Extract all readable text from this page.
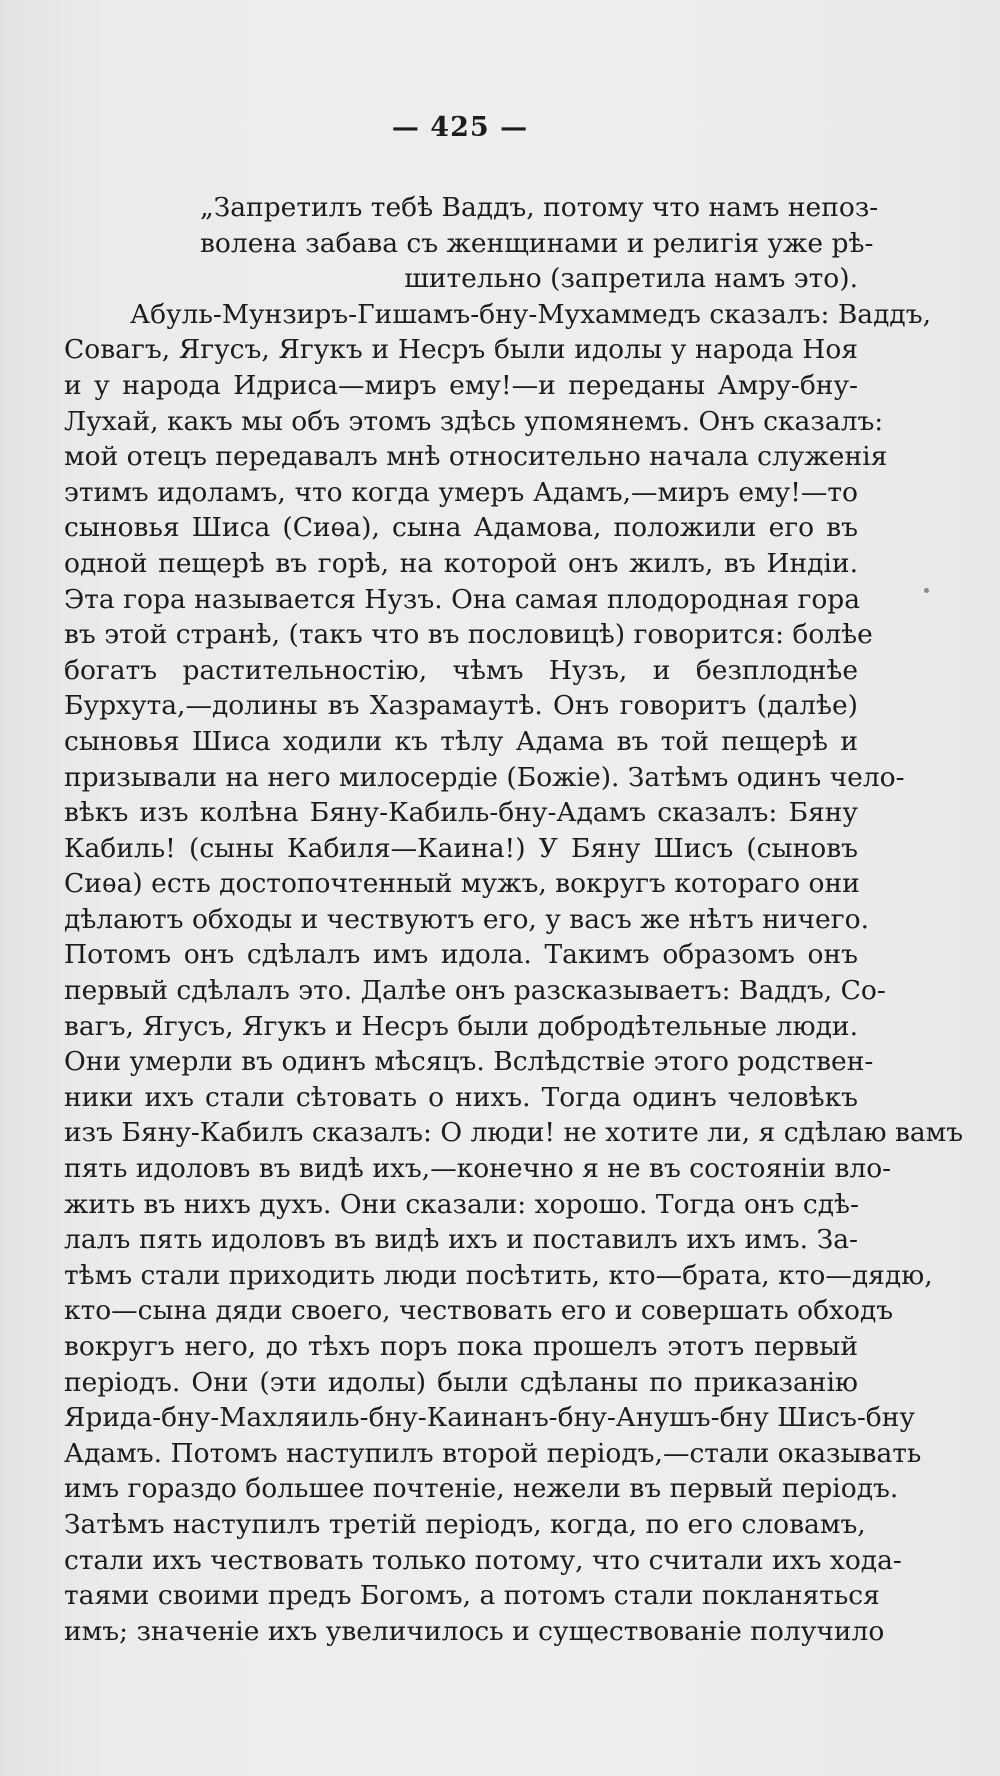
— 425 —
„Запретилъ тебѣ Ваддъ, потому что намъ непоз-
волена забава съ женщинами и религія уже рѣ-
шительно (запретила намъ это).
Абуль-Мунзиръ-Гишамъ-бну-Мухаммедъ сказалъ: Ваддъ,
Совагъ, Ягусъ, Ягукъ и Несръ были идолы у народа Ноя
и у народа Идриса—миръ ему!—и переданы Амру-бну-
Лухай, какъ мы объ этомъ здѣсь упомянемъ. Онъ сказалъ:
мой отецъ передавалъ мнѣ относительно начала служенія
этимъ идоламъ, что когда умеръ Адамъ,—миръ ему!—то
сыновья Шиса (Сиѳа), сына Адамова, положили его въ
одной пещерѣ въ горѣ, на которой онъ жилъ, въ Индіи.
Эта гора называется Нузъ. Она самая плодородная гора
въ этой странѣ, (такъ что въ пословицѣ) говорится: болѣе
богатъ растительностію, чѣмъ Нузъ, и безплоднѣе
Бурхута,—долины въ Хазрамаутѣ. Онъ говоритъ (далѣе)
сыновья Шиса ходили къ тѣлу Адама въ той пещерѣ и
призывали на него милосердіе (Божіе). Затѣмъ одинъ чело-
вѣкъ изъ колѣна Бяну-Кабиль-бну-Адамъ сказалъ: Бяну
Кабиль! (сыны Кабиля—Каина!) У Бяну Шисъ (сыновъ
Сиѳа) есть достопочтенный мужъ, вокругъ котораго они
дѣлаютъ обходы и чествуютъ его, у васъ же нѣтъ ничего.
Потомъ онъ сдѣлалъ имъ идола. Такимъ образомъ онъ
первый сдѣлалъ это. Далѣе онъ разсказываетъ: Ваддъ, Со-
вагъ, Ягусъ, Ягукъ и Несръ были добродѣтельные люди.
Они умерли въ одинъ мѣсяцъ. Вслѣдствіе этого родствен-
ники ихъ стали сѣтовать о нихъ. Тогда одинъ человѣкъ
изъ Бяну-Кабилъ сказалъ: О люди! не хотите ли, я сдѣлаю вамъ
пять идоловъ въ видѣ ихъ,—конечно я не въ состояніи вло-
жить въ нихъ духъ. Они сказали: хорошо. Тогда онъ сдѣ-
лалъ пять идоловъ въ видѣ ихъ и поставилъ ихъ имъ. За-
тѣмъ стали приходить люди посѣтить, кто—брата, кто—дядю,
кто—сына дяди своего, чествовать его и совершать обходъ
вокругъ него, до тѣхъ поръ пока прошелъ этотъ первый
періодъ. Они (эти идолы) были сдѣланы по приказанію
Ярида-бну-Махляиль-бну-Каинанъ-бну-Анушъ-бну Шисъ-бну
Адамъ. Потомъ наступилъ второй періодъ,—стали оказывать
имъ гораздо большее почтеніе, нежели въ первый періодъ.
Затѣмъ наступилъ третій періодъ, когда, по его словамъ,
стали ихъ чествовать только потому, что считали ихъ хода-
таями своими предъ Богомъ, а потомъ стали покланяться
имъ; значеніе ихъ увеличилось и существованіе получило
